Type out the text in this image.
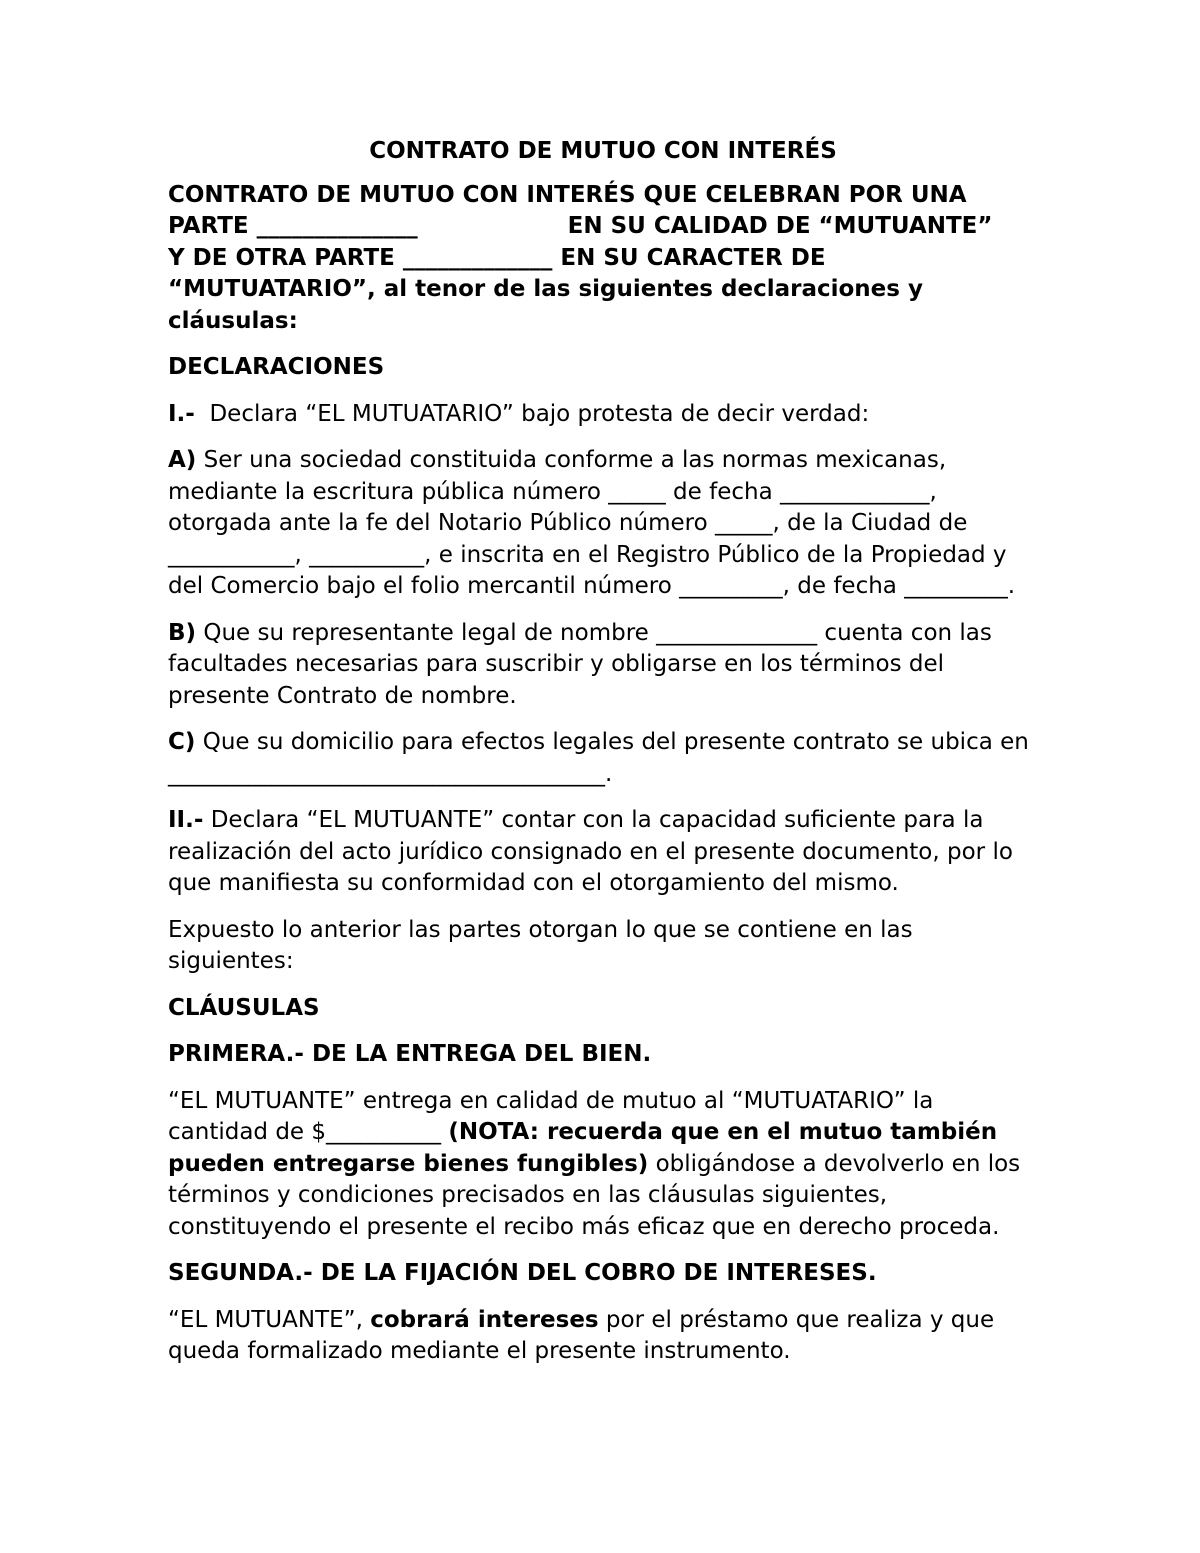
CONTRATO DE MUTUO CON INTERÉS

CONTRATO DE MUTUO CON INTERÉS QUE CELEBRAN POR UNA
PARTE ______________	EN SU CALIDAD DE “MUTUANTE”
Y DE OTRA PARTE _____________ EN SU CARACTER DE
“MUTUATARIO”, al tenor de las siguientes declaraciones y
cláusulas:

DECLARACIONES

I.- Declara “EL MUTUATARIO” bajo protesta de decir verdad:

A) Ser una sociedad constituida conforme a las normas mexicanas, mediante la escritura pública número _____ de fecha _____________, otorgada ante la fe del Notario Público número _____, de la Ciudad de ___________, __________, e inscrita en el Registro Público de la Propiedad y del Comercio bajo el folio mercantil número _________, de fecha _________.

B) Que su representante legal de nombre ______________ cuenta con las facultades necesarias para suscribir y obligarse en los términos del presente Contrato de nombre.

C) Que su domicilio para efectos legales del presente contrato se ubica en ______________________________________.

II.- Declara “EL MUTUANTE” contar con la capacidad suficiente para la realización del acto jurídico consignado en el presente documento, por lo que manifiesta su conformidad con el otorgamiento del mismo.

Expuesto lo anterior las partes otorgan lo que se contiene en las siguientes:

CLÁUSULAS

PRIMERA.- DE LA ENTREGA DEL BIEN.

“EL MUTUANTE” entrega en calidad de mutuo al “MUTUATARIO” la cantidad de $__________ (NOTA: recuerda que en el mutuo también pueden entregarse bienes fungibles) obligándose a devolverlo en los términos y condiciones precisados en las cláusulas siguientes, constituyendo el presente el recibo más eficaz que en derecho proceda.

SEGUNDA.- DE LA FIJACIÓN DEL COBRO DE INTERESES.

“EL MUTUANTE”, cobrará intereses por el préstamo que realiza y que queda formalizado mediante el presente instrumento.
